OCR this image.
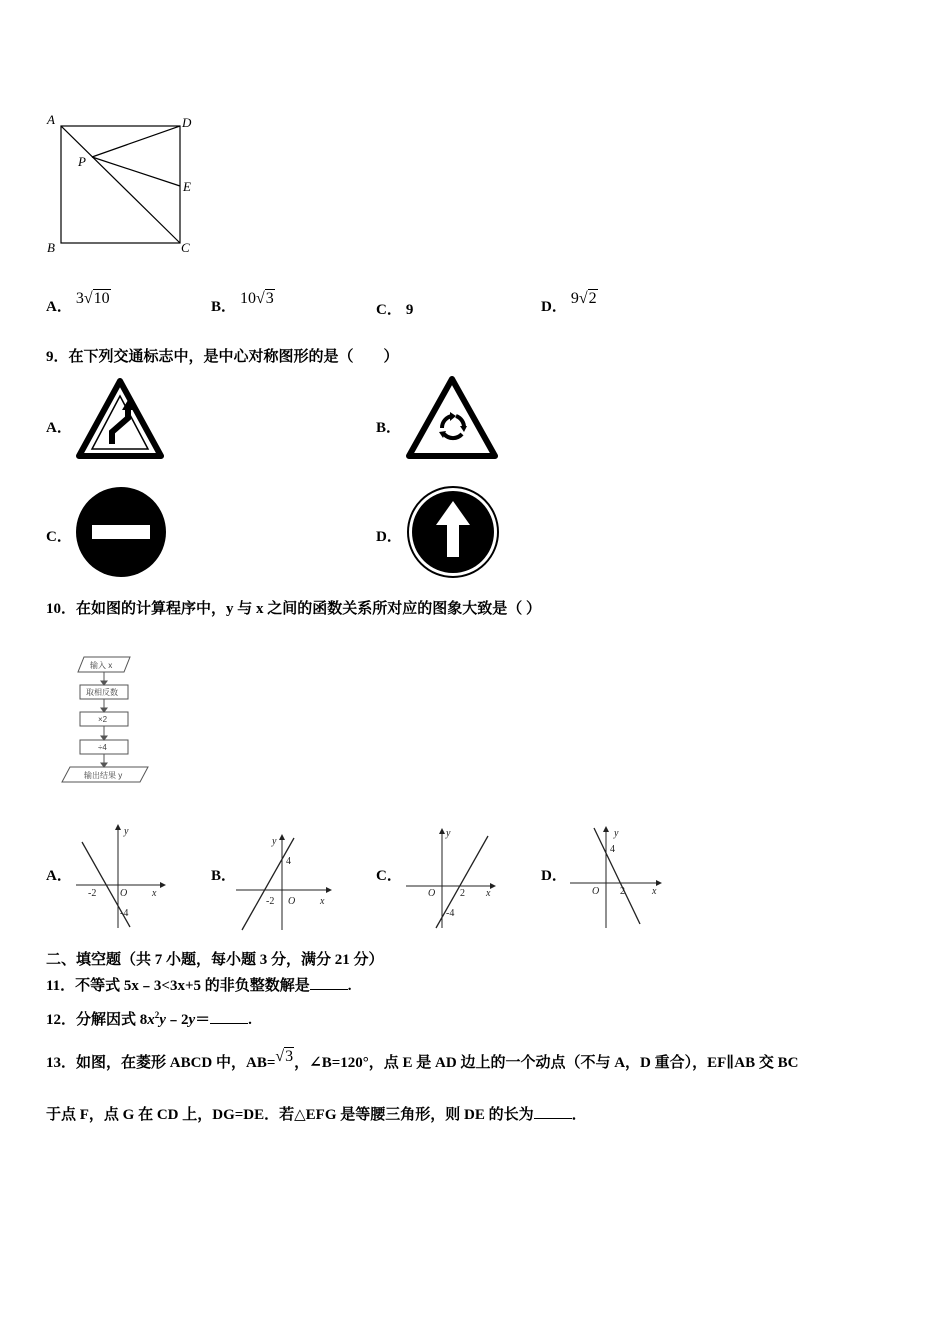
A	D
P
E
B	C
A． 3√10	B． 10√3
C． 9	D． 9√2
9．在下列交通标志中，是中心对称图形的是（　　）
A．	B．
C．	D．
10．在如图的计算程序中，y 与 x 之间的函数关系所对应的图象大致是（ ）
输入 x
取相反数
×2
÷4
输出结果 y
A．
y
x
-2 O
-4
B．
y
x
4
-2 O
C．
y
x
O 2
-4
D．
y
x
4
O 2
二、填空题（共 7 小题，每小题 3 分，满分 21 分）
11．不等式 5x﹣3<3x+5 的非负整数解是	.
12．分解因式 $8x^2y﹣2y=$	.
13．如图，在菱形 ABCD 中，AB=√3，∠B=120°，点 E 是 AD 边上的一个动点（不与 A，D 重合），EF∥AB 交 BC
于点 F，点 G 在 CD 上，DG=DE．若△EFG 是等腰三角形，则 DE 的长为	．
